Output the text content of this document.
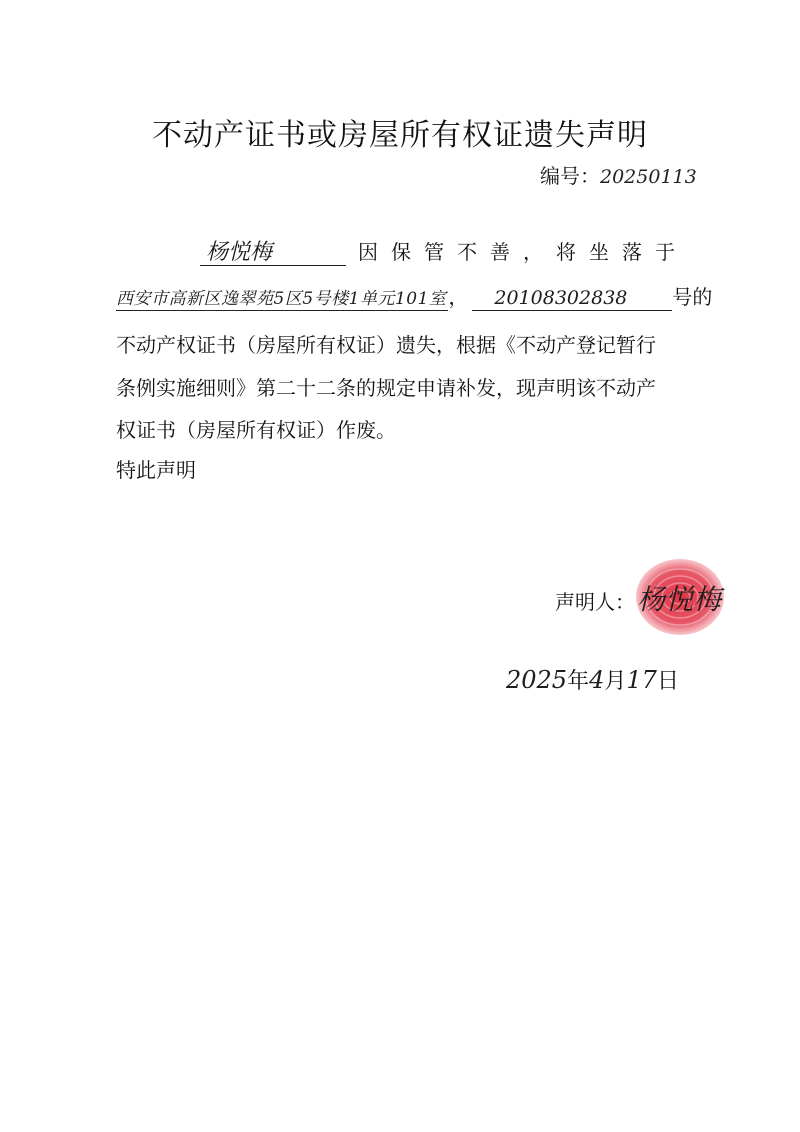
不动产证书或房屋所有权证遗失声明
编号：20250113
杨悦梅	因保管不善，将坐落于
西安市高新区逸翠苑5区5号楼1单元101室 ， 20108302838 号的
不动产权证书（房屋所有权证）遗失，根据《不动产登记暂行
条例实施细则》第二十二条的规定申请补发，现声明该不动产
权证书（房屋所有权证）作废。
特此声明
声明人：杨悦梅
2025年4月17日
